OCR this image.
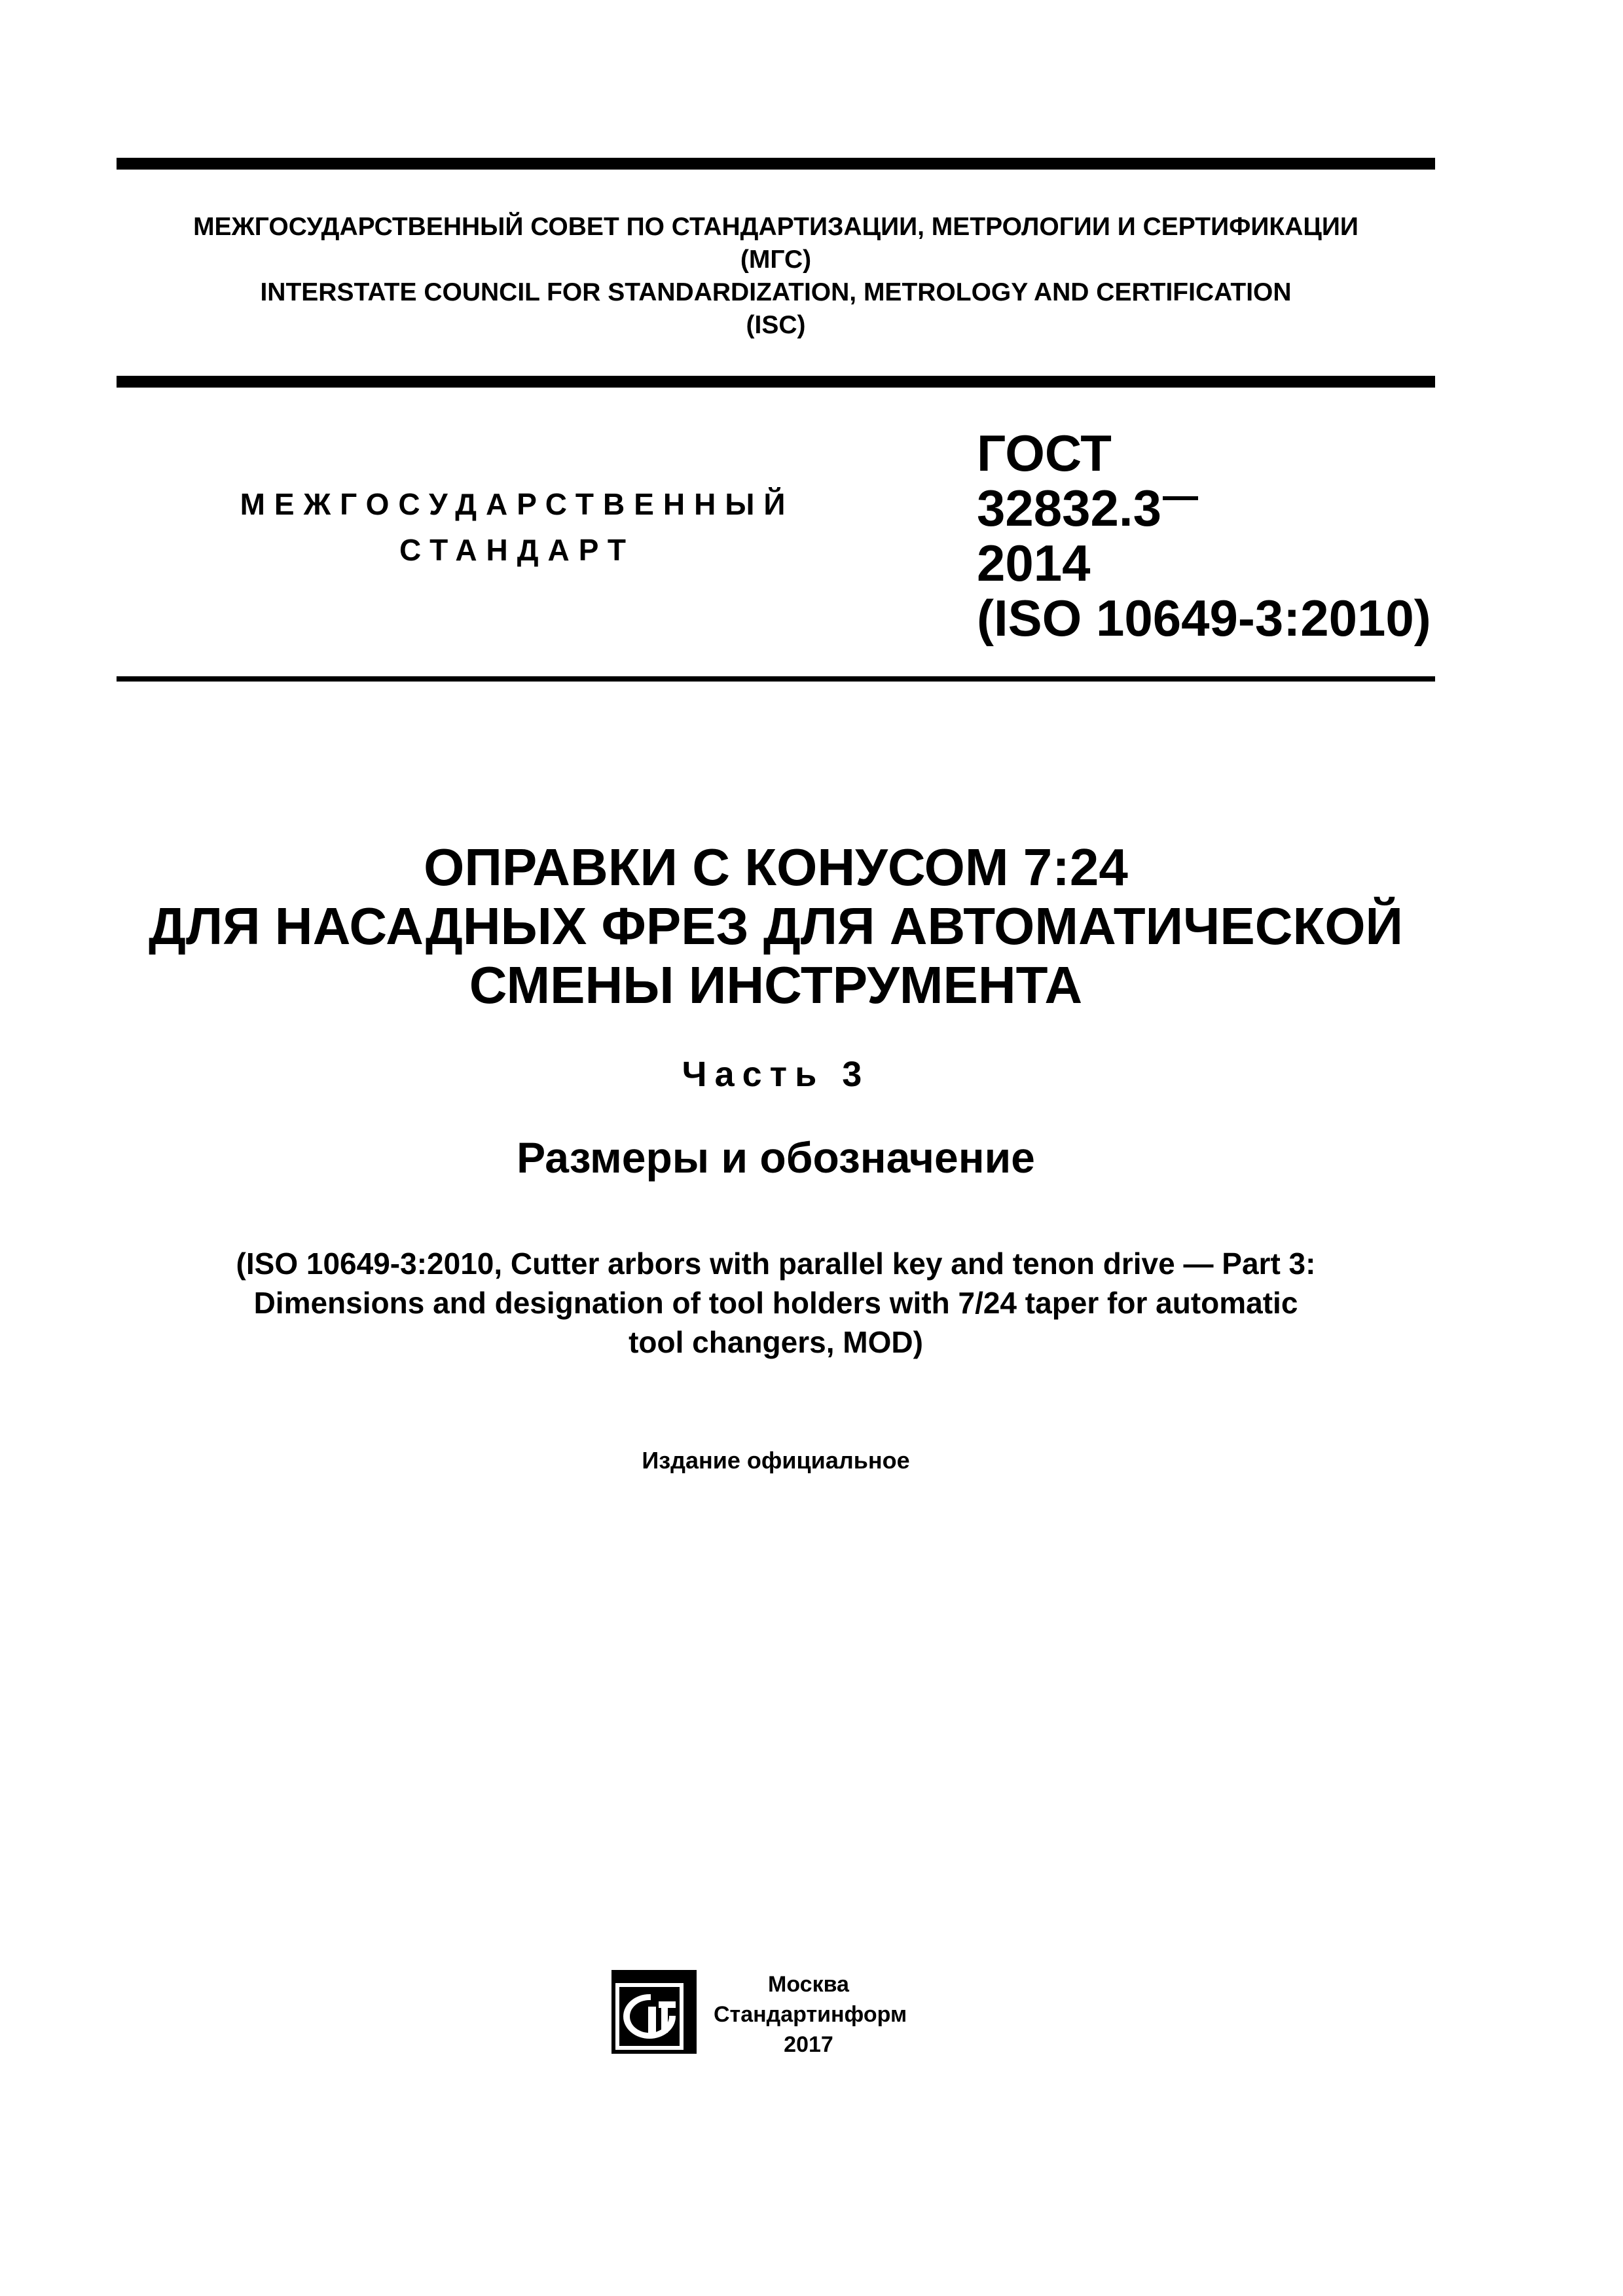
МЕЖГОСУДАРСТВЕННЫЙ СОВЕТ ПО СТАНДАРТИЗАЦИИ, МЕТРОЛОГИИ И СЕРТИФИКАЦИИ
(МГС)
INTERSTATE COUNCIL FOR STANDARDIZATION, METROLOGY AND CERTIFICATION
(ISC)
МЕЖГОСУДАРСТВЕННЫЙ
СТАНДАРТ
ГОСТ
32832.3
2014
(ISO 10649-3:2010)
ОПРАВКИ С КОНУСОМ 7:24
ДЛЯ НАСАДНЫХ ФРЕЗ ДЛЯ АВТОМАТИЧЕСКОЙ
СМЕНЫ ИНСТРУМЕНТА
Часть 3
Размеры и обозначение
(ISO 10649-3:2010, Cutter arbors with parallel key and tenon drive — Part 3:
Dimensions and designation of tool holders with 7/24 taper for automatic
tool changers, MOD)
Издание официальное
Москва
Стандартинформ
2017
